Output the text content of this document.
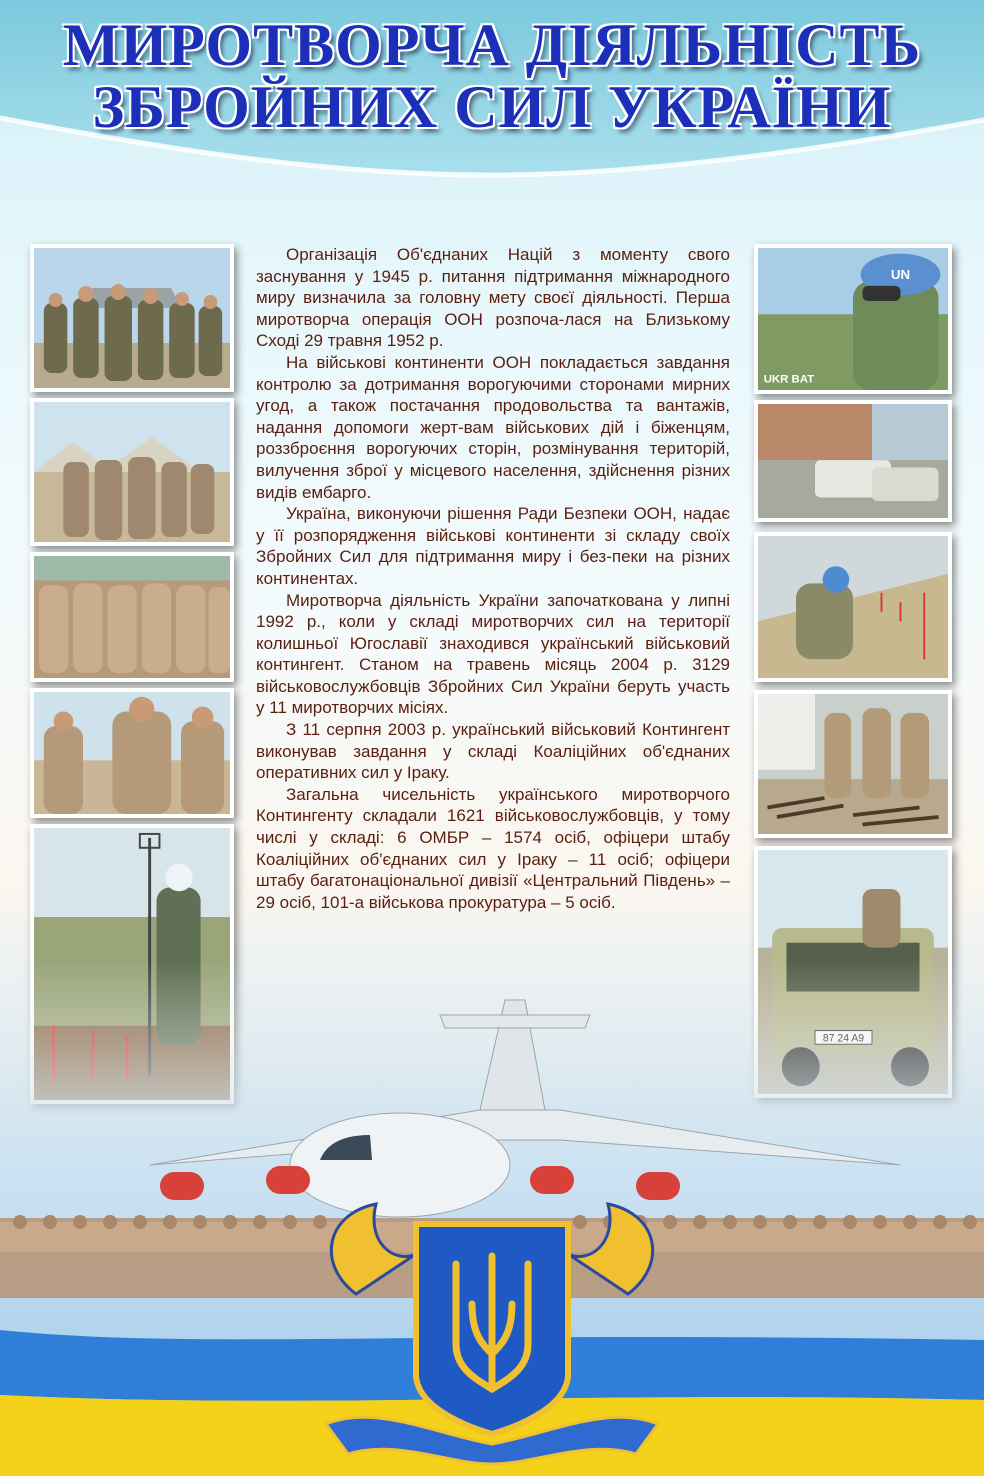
МИРОТВОРЧА ДІЯЛЬНІСТЬ
ЗБРОЙНИХ СИЛ УКРАЇНИ
UN
UKR BAT

Організація Об'єднаних Націй з моменту свого заснування у 1945 р. питання підтримання міжнародного миру визначила за головну мету своєї діяльності. Перша миротворча операція ООН розпоча-лася на Близькому Сході 29 травня 1952 р.

На військові континенти ООН покладається завдання контролю за дотримання ворогуючими сторонами мирних угод, а також постачання продовольства та вантажів, надання допомоги жерт-вам військових дій і біженцям, роззброєння ворогуючих сторін, розмінування територій, вилучення зброї у місцевого населення, здійснення різних видів ембарго.

Україна, виконуючи рішення Ради Безпеки ООН, надає у її розпорядження військові континенти зі складу своїх Збройних Сил для підтримання миру і без-пеки на різних континентах.

Миротворча діяльність України започаткована у липні 1992 р., коли у складі миротворчих сил на території колишньої Югославії знаходився український військовий контингент. Станом на травень місяць 2004 р. 3129 військовослужбовців Збройних Сил України беруть участь у 11 миротворчих місіях.

З 11 серпня 2003 р. український військовий Контингент виконував завдання у складі Коаліційних об'єднаних оперативних сил у Іраку.

Загальна чисельність українського миротворчого Контингенту складали 1621 військовослужбовців, у тому числі у складі: 6 ОМБР – 1574 осіб, офіцери штабу Коаліційних об'єднаних сил у Іраку – 11 осіб; офіцери штабу багатонаціональної дивізії «Центральний Південь» – 29 осіб, 101-а військова прокуратура – 5 осіб.
